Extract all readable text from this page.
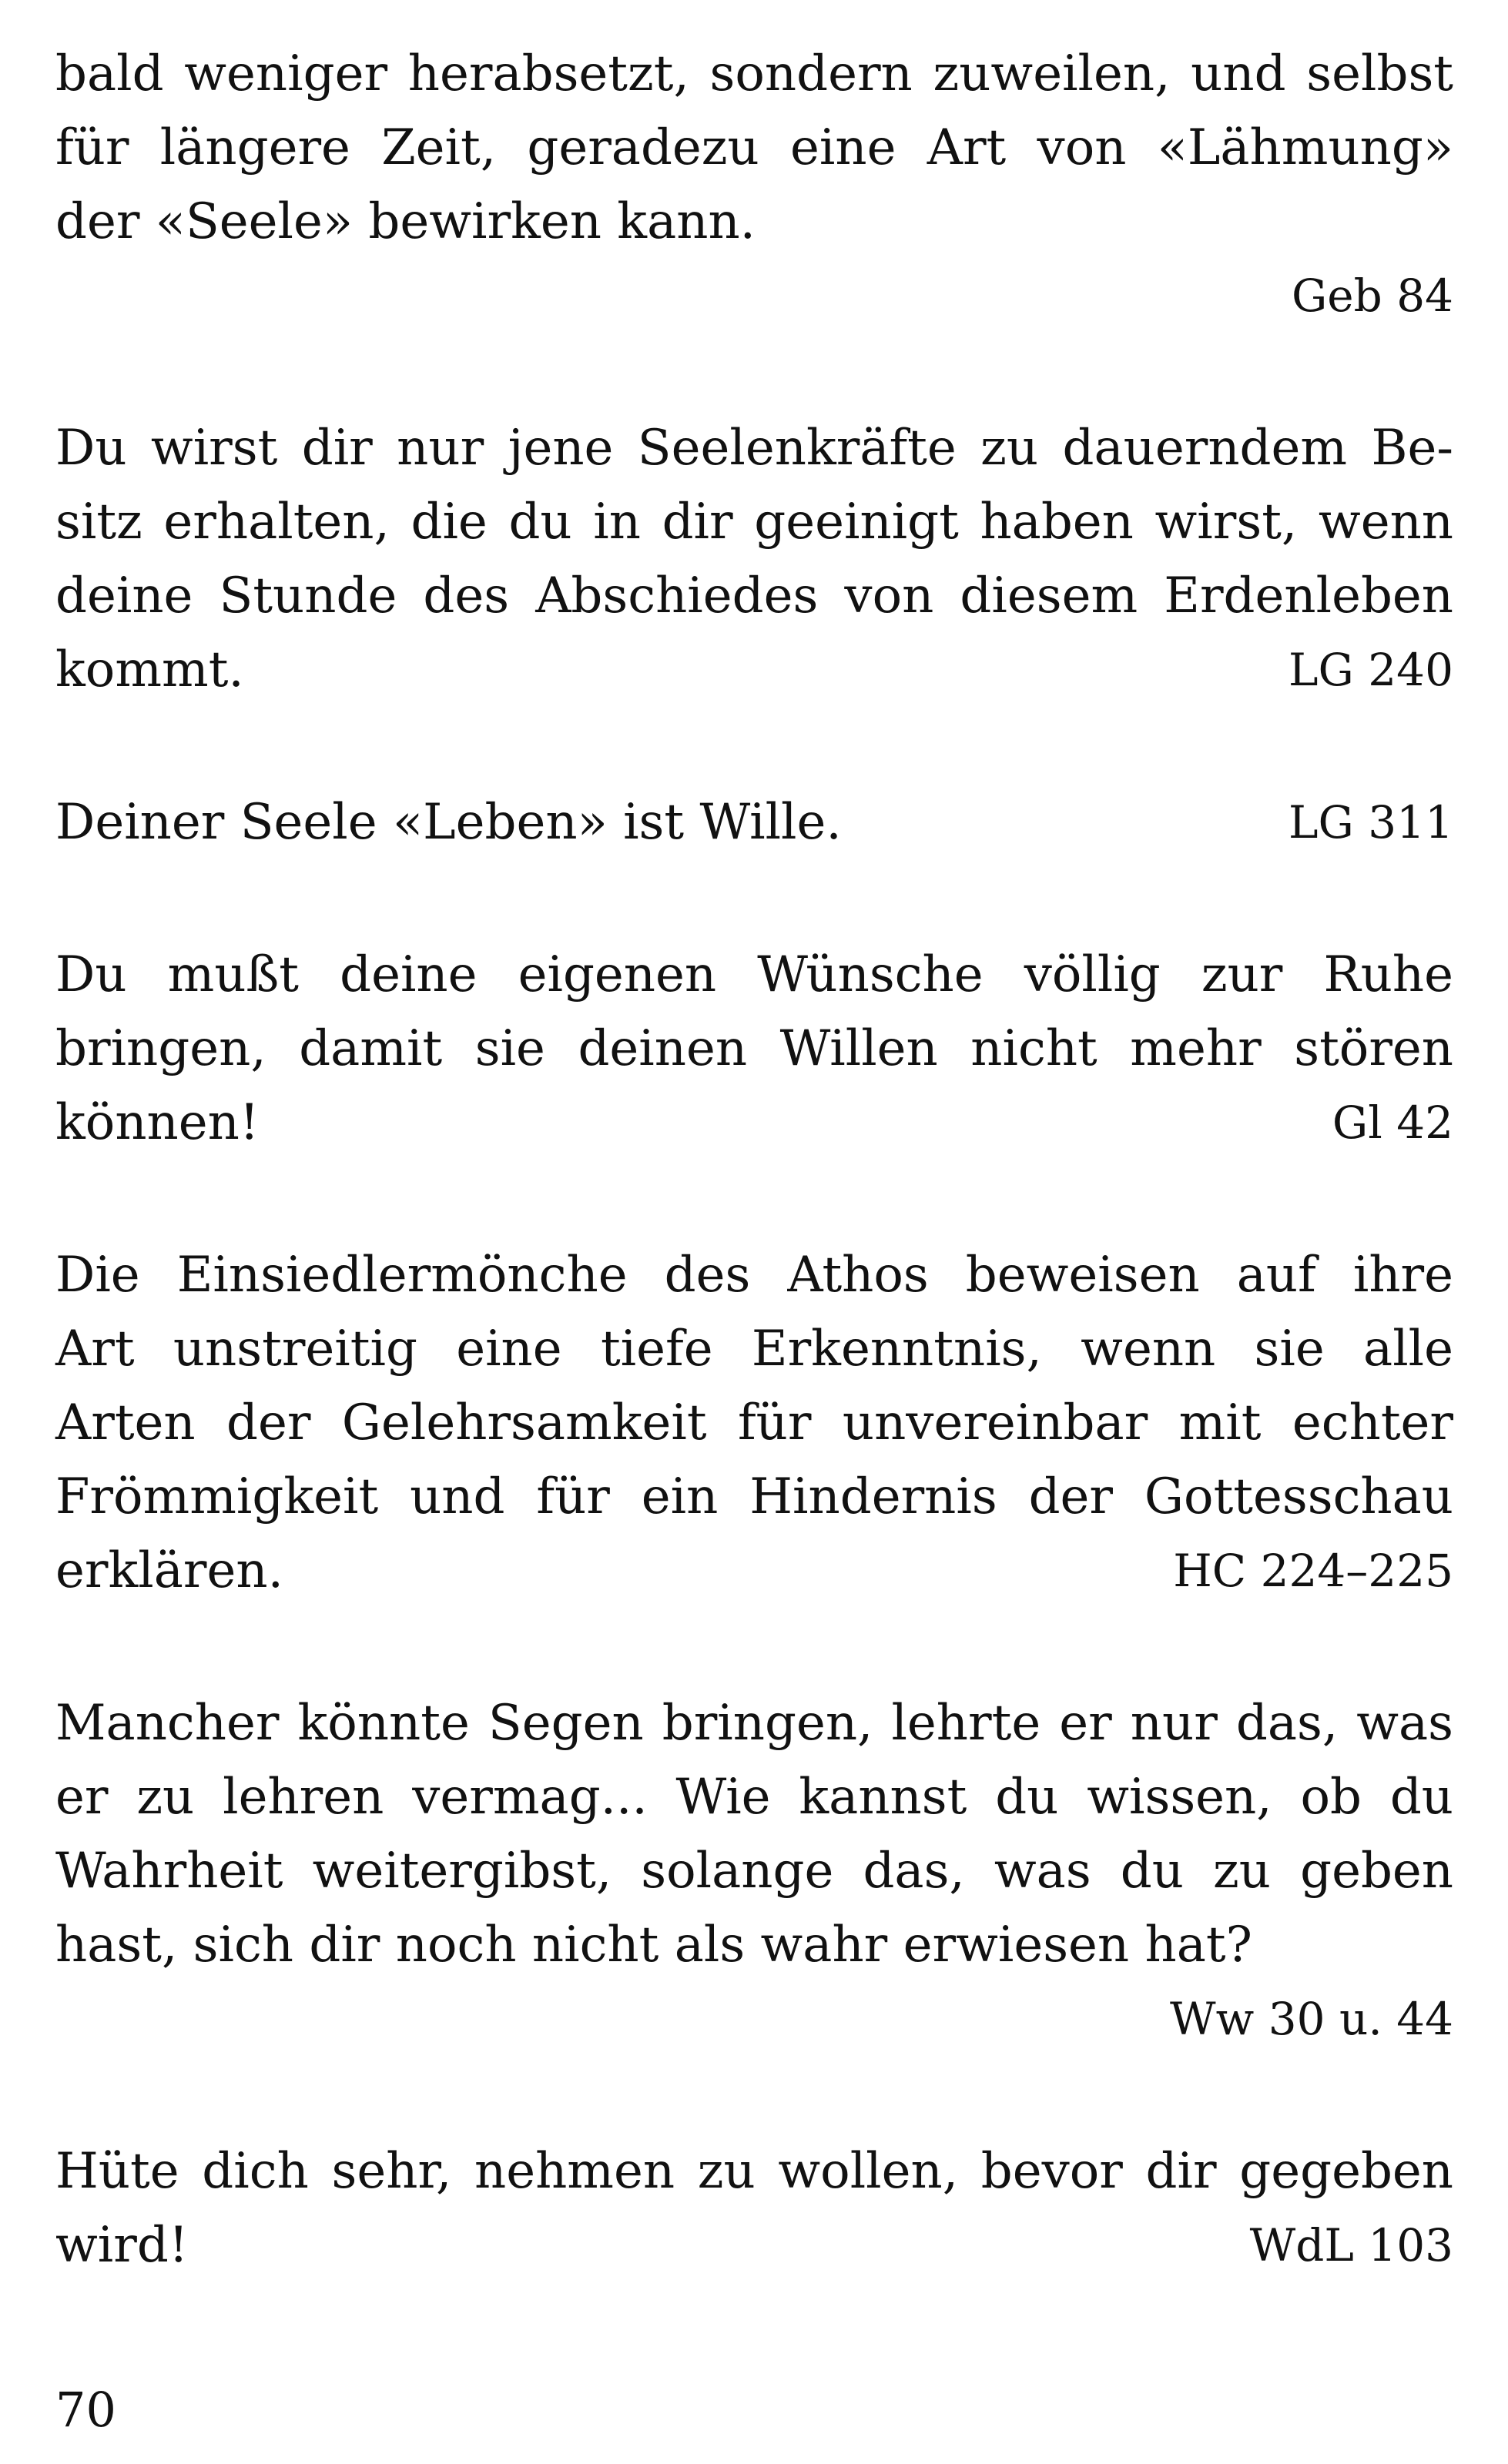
bald weniger herabsetzt, sondern zuweilen, und selbst
für längere Zeit, geradezu eine Art von «Lähmung»
der «Seele» bewirken kann.
Geb 84
Du wirst dir nur jene Seelenkräfte zu dauerndem Be-
sitz erhalten, die du in dir geeinigt haben wirst, wenn
deine Stunde des Abschiedes von diesem Erdenleben
kommt.	LG 240
Deiner Seele «Leben» ist Wille.	LG 311
Du mußt deine eigenen Wünsche völlig zur Ruhe
bringen, damit sie deinen Willen nicht mehr stören
können!	Gl 42
Die Einsiedlermönche des Athos beweisen auf ihre
Art unstreitig eine tiefe Erkenntnis, wenn sie alle
Arten der Gelehrsamkeit für unvereinbar mit echter
Frömmigkeit und für ein Hindernis der Gottesschau
erklären.	HC 224–225
Mancher könnte Segen bringen, lehrte er nur das, was
er zu lehren vermag... Wie kannst du wissen, ob du
Wahrheit weitergibst, solange das, was du zu geben
hast, sich dir noch nicht als wahr erwiesen hat?
Ww 30 u. 44
Hüte dich sehr, nehmen zu wollen, bevor dir gegeben
wird!	WdL 103
70
